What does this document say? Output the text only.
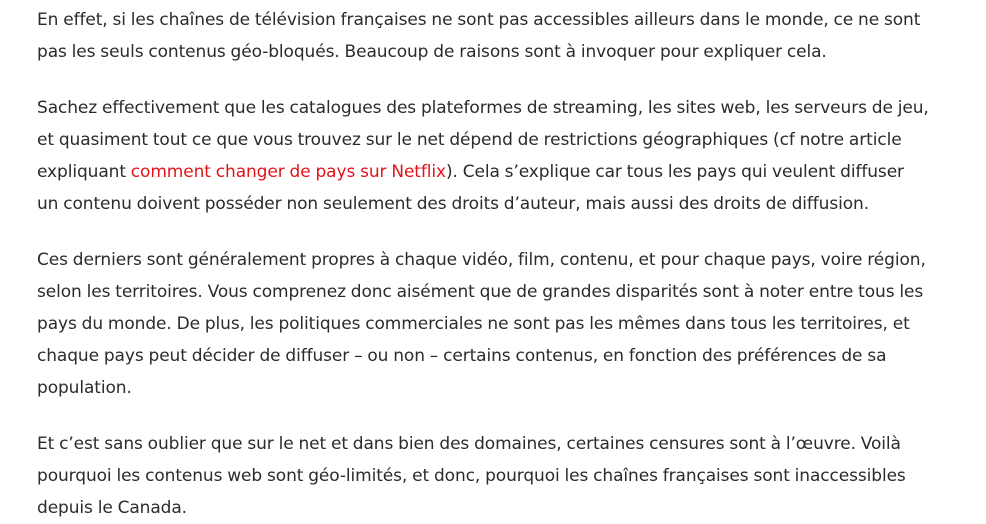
En effet, si les chaînes de télévision françaises ne sont pas accessibles ailleurs dans le monde, ce ne sont pas les seuls contenus géo-bloqués. Beaucoup de raisons sont à invoquer pour expliquer cela.

Sachez effectivement que les catalogues des plateformes de streaming, les sites web, les serveurs de jeu, et quasiment tout ce que vous trouvez sur le net dépend de restrictions géographiques (cf notre article expliquant comment changer de pays sur Netflix). Cela s’explique car tous les pays qui veulent diffuser un contenu doivent posséder non seulement des droits d’auteur, mais aussi des droits de diffusion.

Ces derniers sont généralement propres à chaque vidéo, film, contenu, et pour chaque pays, voire région, selon les territoires. Vous comprenez donc aisément que de grandes disparités sont à noter entre tous les pays du monde. De plus, les politiques commerciales ne sont pas les mêmes dans tous les territoires, et chaque pays peut décider de diffuser – ou non – certains contenus, en fonction des préférences de sa population.

Et c’est sans oublier que sur le net et dans bien des domaines, certaines censures sont à l’œuvre. Voilà pourquoi les contenus web sont géo-limités, et donc, pourquoi les chaînes françaises sont inaccessibles depuis le Canada.
